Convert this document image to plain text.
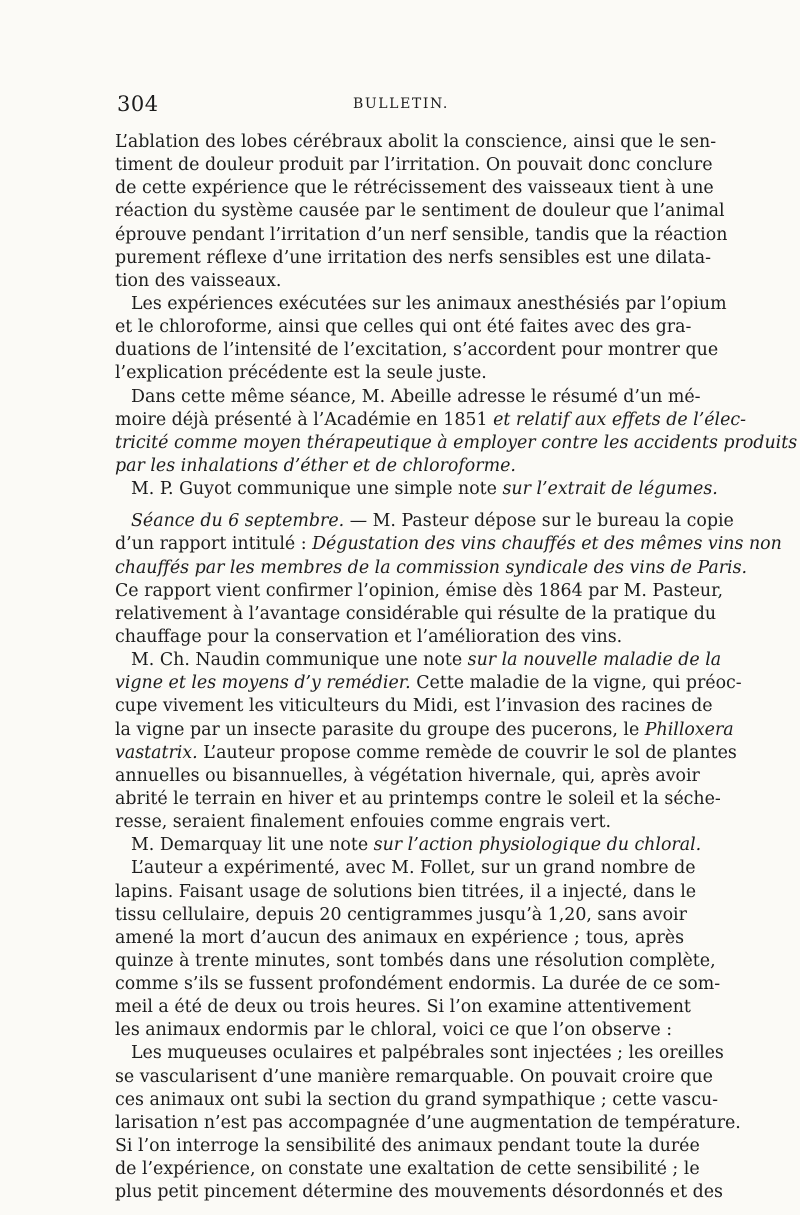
304	BULLETIN.
L’ablation des lobes cérébraux abolit la conscience, ainsi que le sen-
timent de douleur produit par l’irritation. On pouvait donc conclure
de cette expérience que le rétrécissement des vaisseaux tient à une
réaction du système causée par le sentiment de douleur que l’animal
éprouve pendant l’irritation d’un nerf sensible, tandis que la réaction
purement réflexe d’une irritation des nerfs sensibles est une dilata-
tion des vaisseaux.
Les expériences exécutées sur les animaux anesthésiés par l’opium
et le chloroforme, ainsi que celles qui ont été faites avec des gra-
duations de l’intensité de l’excitation, s’accordent pour montrer que
l’explication précédente est la seule juste.
Dans cette même séance, M. Abeille adresse le résumé d’un mé-
moire déjà présenté à l’Académie en 1851 et relatif aux effets de l’élec-
tricité comme moyen thérapeutique à employer contre les accidents produits
par les inhalations d’éther et de chloroforme.
M. P. Guyot communique une simple note sur l’extrait de légumes.
Séance du 6 septembre. — M. Pasteur dépose sur le bureau la copie
d’un rapport intitulé : Dégustation des vins chauffés et des mêmes vins non
chauffés par les membres de la commission syndicale des vins de Paris.
Ce rapport vient confirmer l’opinion, émise dès 1864 par M. Pasteur,
relativement à l’avantage considérable qui résulte de la pratique du
chauffage pour la conservation et l’amélioration des vins.
M. Ch. Naudin communique une note sur la nouvelle maladie de la
vigne et les moyens d’y remédier. Cette maladie de la vigne, qui préoc-
cupe vivement les viticulteurs du Midi, est l’invasion des racines de
la vigne par un insecte parasite du groupe des pucerons, le Philloxera
vastatrix. L’auteur propose comme remède de couvrir le sol de plantes
annuelles ou bisannuelles, à végétation hivernale, qui, après avoir
abrité le terrain en hiver et au printemps contre le soleil et la séche-
resse, seraient finalement enfouies comme engrais vert.
M. Demarquay lit une note sur l’action physiologique du chloral.
L’auteur a expérimenté, avec M. Follet, sur un grand nombre de
lapins. Faisant usage de solutions bien titrées, il a injecté, dans le
tissu cellulaire, depuis 20 centigrammes jusqu’à 1,20, sans avoir
amené la mort d’aucun des animaux en expérience ; tous, après
quinze à trente minutes, sont tombés dans une résolution complète,
comme s’ils se fussent profondément endormis. La durée de ce som-
meil a été de deux ou trois heures. Si l’on examine attentivement
les animaux endormis par le chloral, voici ce que l’on observe :
Les muqueuses oculaires et palpébrales sont injectées ; les oreilles
se vascularisent d’une manière remarquable. On pouvait croire que
ces animaux ont subi la section du grand sympathique ; cette vascu-
larisation n’est pas accompagnée d’une augmentation de température.
Si l’on interroge la sensibilité des animaux pendant toute la durée
de l’expérience, on constate une exaltation de cette sensibilité ; le
plus petit pincement détermine des mouvements désordonnés et des
